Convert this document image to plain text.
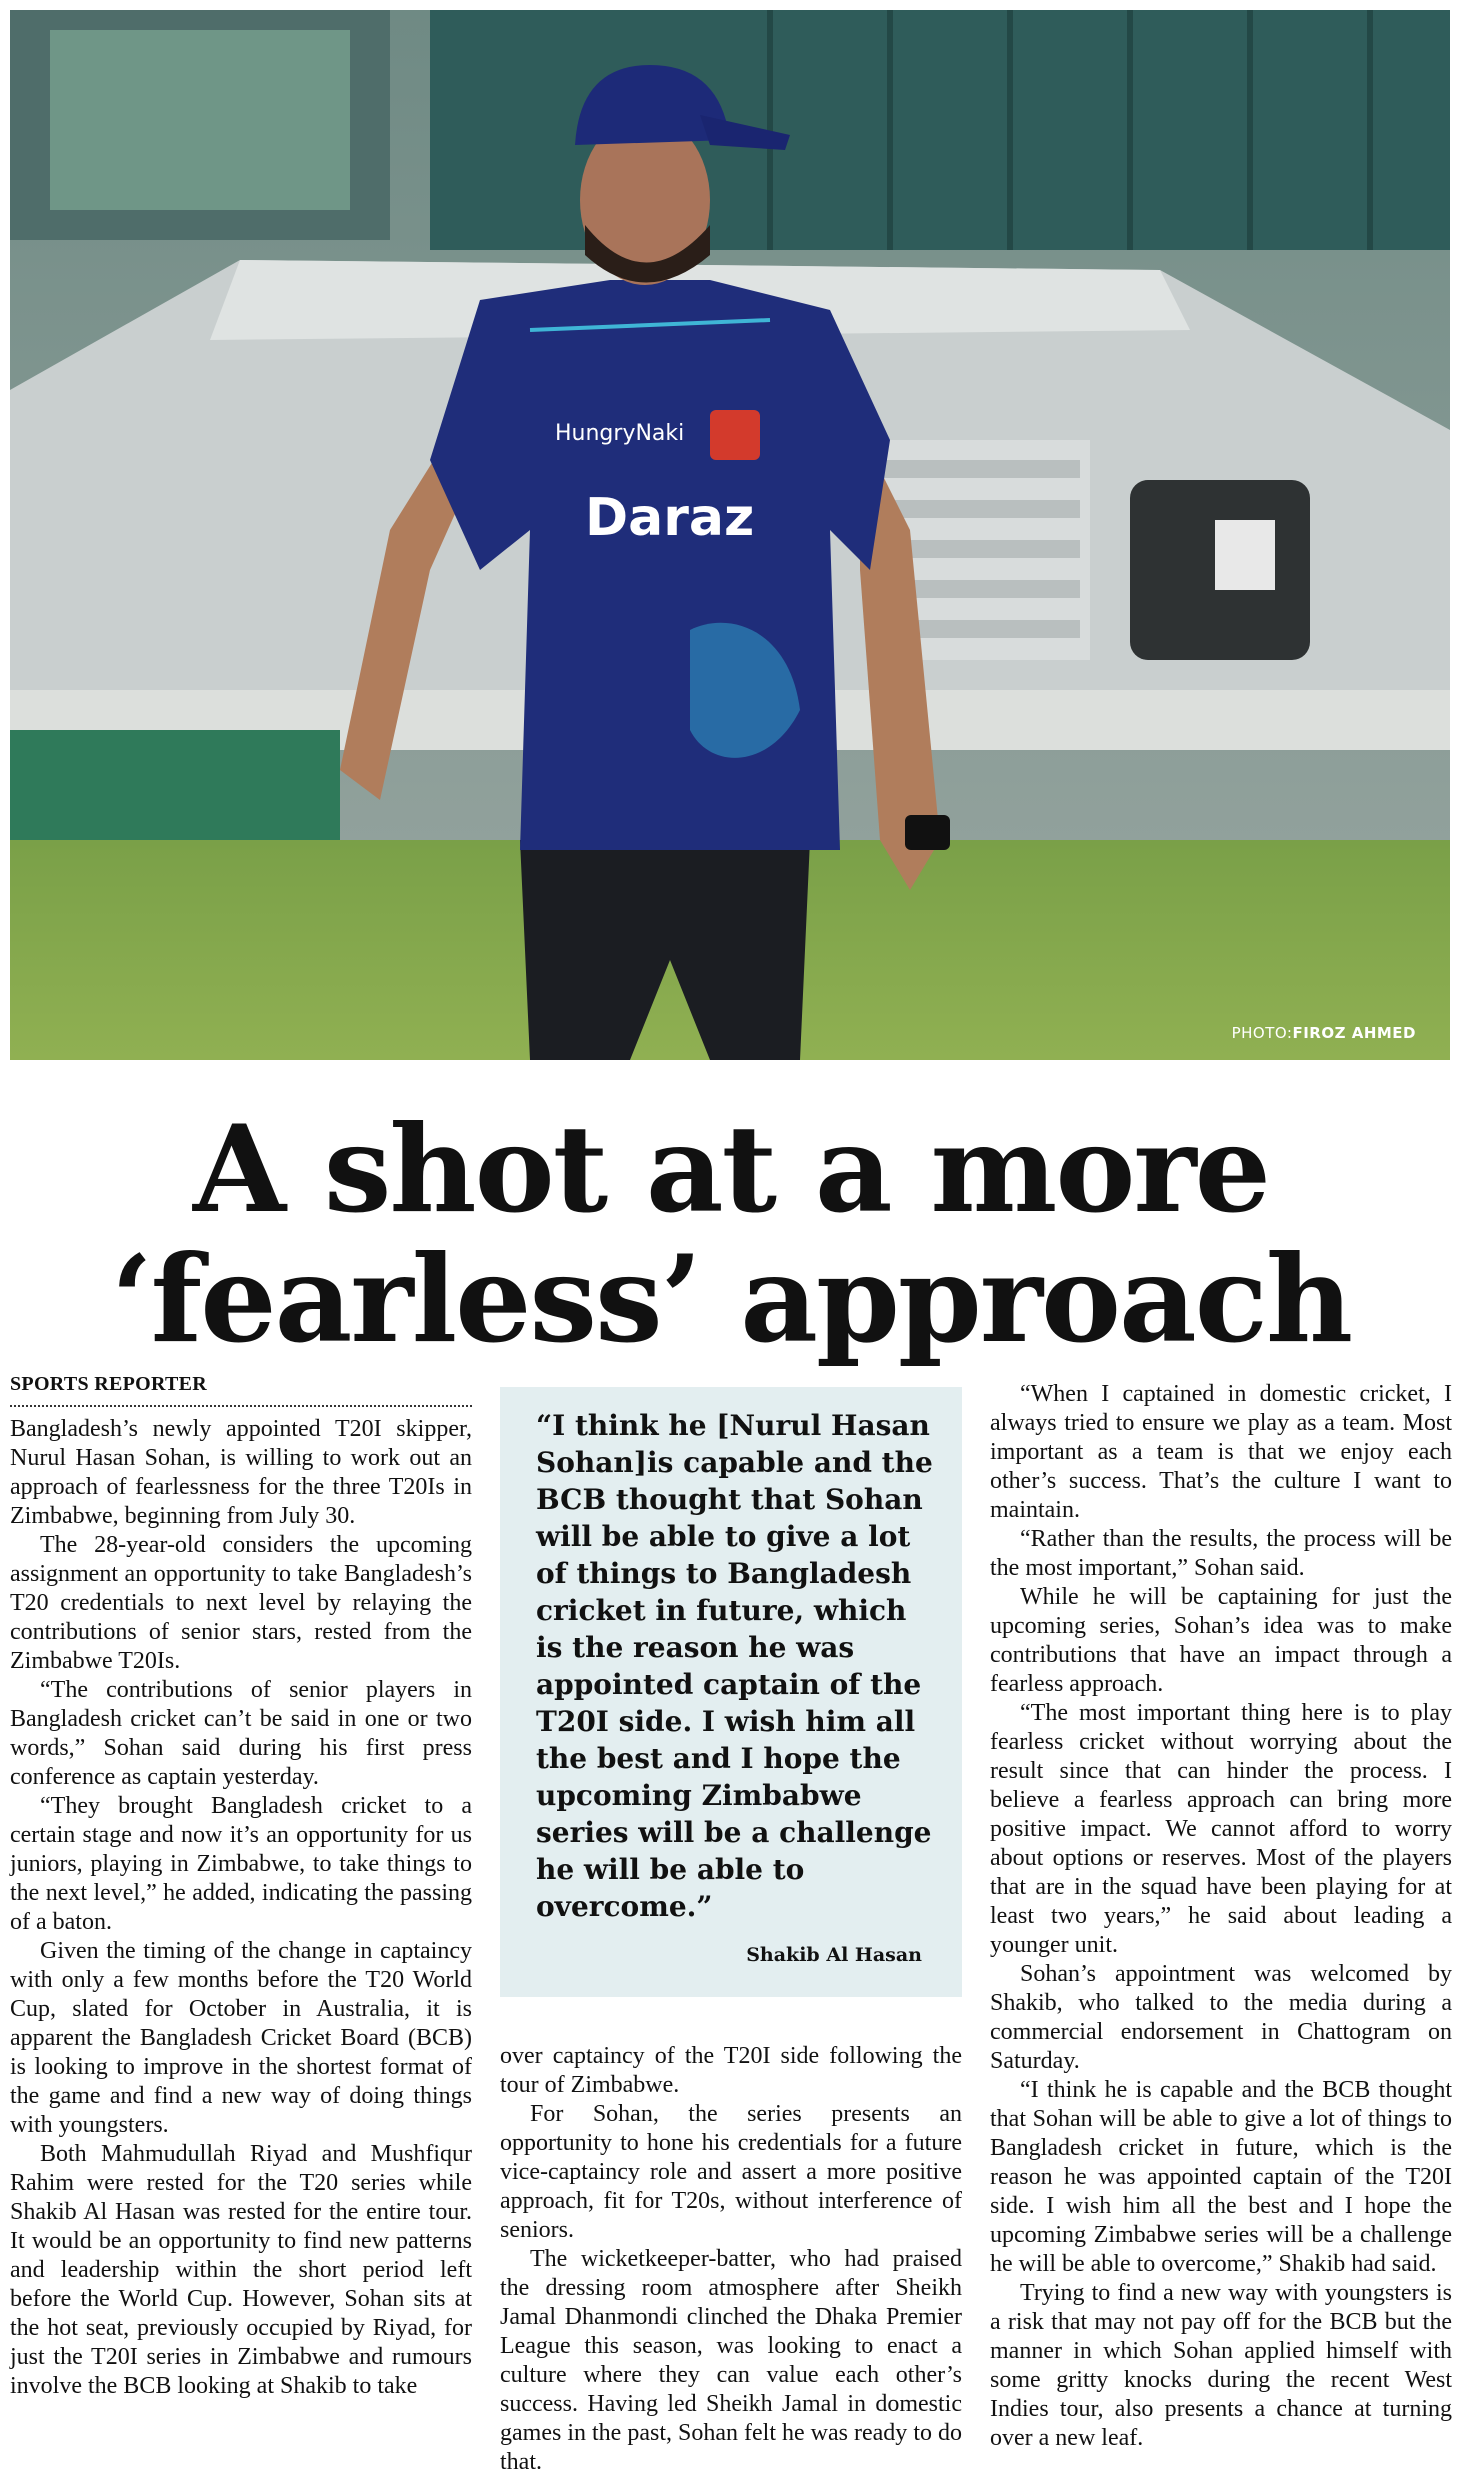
HungryNaki
Daraz
PHOTO:FIROZ AHMED
A shot at a more
‘fearless’ approach
SPORTS REPORTER

Bangladesh’s newly appointed T20I skipper, Nurul Hasan Sohan, is willing to work out an approach of fearlessness for the three T20Is in Zimbabwe, beginning from July 30.

The 28-year-old considers the upcoming assignment an opportunity to take Bangladesh’s T20 credentials to next level by relaying the contributions of senior stars, rested from the Zimbabwe T20Is.

“The contributions of senior players in Bangladesh cricket can’t be said in one or two words,” Sohan said during his first press conference as captain yesterday.

“They brought Bangladesh cricket to a certain stage and now it’s an opportunity for us juniors, playing in Zimbabwe, to take things to the next level,” he added, indicating the passing of a baton.

Given the timing of the change in captaincy with only a few months before the T20 World Cup, slated for October in Australia, it is apparent the Bangladesh Cricket Board (BCB) is looking to improve in the shortest format of the game and find a new way of doing things with youngsters.

Both Mahmudullah Riyad and Mushfiqur Rahim were rested for the T20 series while Shakib Al Hasan was rested for the entire tour. It would be an opportunity to find new patterns and leadership within the short period left before the World Cup. However, Sohan sits at the hot seat, previously occupied by Riyad, for just the T20I series in Zimbabwe and rumours involve the BCB looking at Shakib to take

“I think he [Nurul Hasan Sohan]is capable and the BCB thought that Sohan will be able to give a lot of things to Bangladesh cricket in future, which is the reason he was appointed captain of the T20I side. I wish him all the best and I hope the upcoming Zimbabwe series will be a challenge he will be able to overcome.”
Shakib Al Hasan

over captaincy of the T20I side following the tour of Zimbabwe.

For Sohan, the series presents an opportunity to hone his credentials for a future vice-captaincy role and assert a more positive approach, fit for T20s, without interference of seniors.

The wicketkeeper-batter, who had praised the dressing room atmosphere after Sheikh Jamal Dhanmondi clinched the Dhaka Premier League this season, was looking to enact a culture where they can value each other’s success. Having led Sheikh Jamal in domestic games in the past, Sohan felt he was ready to do that.

“When I captained in domestic cricket, I always tried to ensure we play as a team. Most important as a team is that we enjoy each other’s success. That’s the culture I want to maintain.

“Rather than the results, the process will be the most important,” Sohan said.

While he will be captaining for just the upcoming series, Sohan’s idea was to make contributions that have an impact through a fearless approach.

“The most important thing here is to play fearless cricket without worrying about the result since that can hinder the process. I believe a fearless approach can bring more positive impact. We cannot afford to worry about options or reserves. Most of the players that are in the squad have been playing for at least two years,” he said about leading a younger unit.

Sohan’s appointment was welcomed by Shakib, who talked to the media during a commercial endorsement in Chattogram on Saturday.

“I think he is capable and the BCB thought that Sohan will be able to give a lot of things to Bangladesh cricket in future, which is the reason he was appointed captain of the T20I side. I wish him all the best and I hope the upcoming Zimbabwe series will be a challenge he will be able to overcome,” Shakib had said.

Trying to find a new way with youngsters is a risk that may not pay off for the BCB but the manner in which Sohan applied himself with some gritty knocks during the recent West Indies tour, also presents a chance at turning over a new leaf.
